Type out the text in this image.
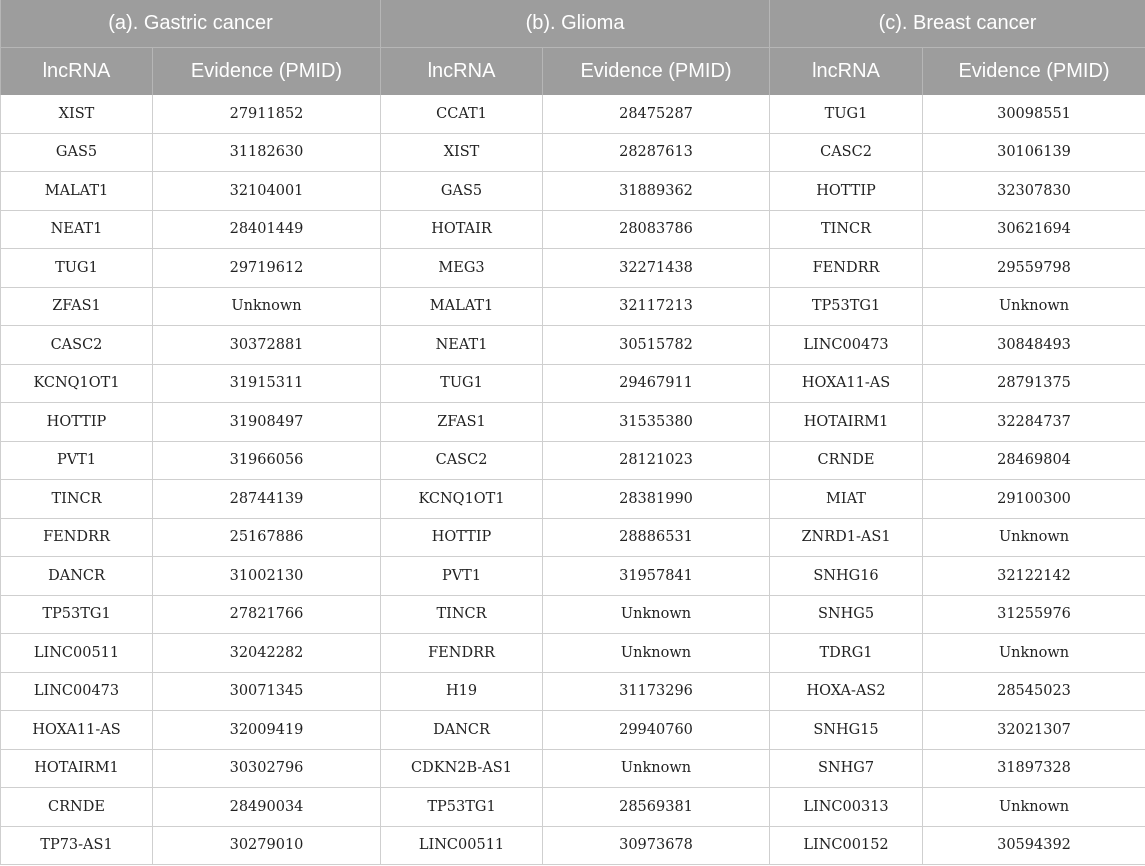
(a). Gastric cancer		(b). Glioma		(c). Breast cancer	
lncRNA	Evidence (PMID)	lncRNA	Evidence (PMID)	lncRNA	Evidence (PMID)
XIST	27911852	CCAT1	28475287	TUG1	30098551
GAS5	31182630	XIST	28287613	CASC2	30106139
MALAT1	32104001	GAS5	31889362	HOTTIP	32307830
NEAT1	28401449	HOTAIR	28083786	TINCR	30621694
TUG1	29719612	MEG3	32271438	FENDRR	29559798
ZFAS1	Unknown	MALAT1	32117213	TP53TG1	Unknown
CASC2	30372881	NEAT1	30515782	LINC00473	30848493
KCNQ1OT1	31915311	TUG1	29467911	HOXA11-AS	28791375
HOTTIP	31908497	ZFAS1	31535380	HOTAIRM1	32284737
PVT1	31966056	CASC2	28121023	CRNDE	28469804
TINCR	28744139	KCNQ1OT1	28381990	MIAT	29100300
FENDRR	25167886	HOTTIP	28886531	ZNRD1-AS1	Unknown
DANCR	31002130	PVT1	31957841	SNHG16	32122142
TP53TG1	27821766	TINCR	Unknown	SNHG5	31255976
LINC00511	32042282	FENDRR	Unknown	TDRG1	Unknown
LINC00473	30071345	H19	31173296	HOXA-AS2	28545023
HOXA11-AS	32009419	DANCR	29940760	SNHG15	32021307
HOTAIRM1	30302796	CDKN2B-AS1	Unknown	SNHG7	31897328
CRNDE	28490034	TP53TG1	28569381	LINC00313	Unknown
TP73-AS1	30279010	LINC00511	30973678	LINC00152	30594392
